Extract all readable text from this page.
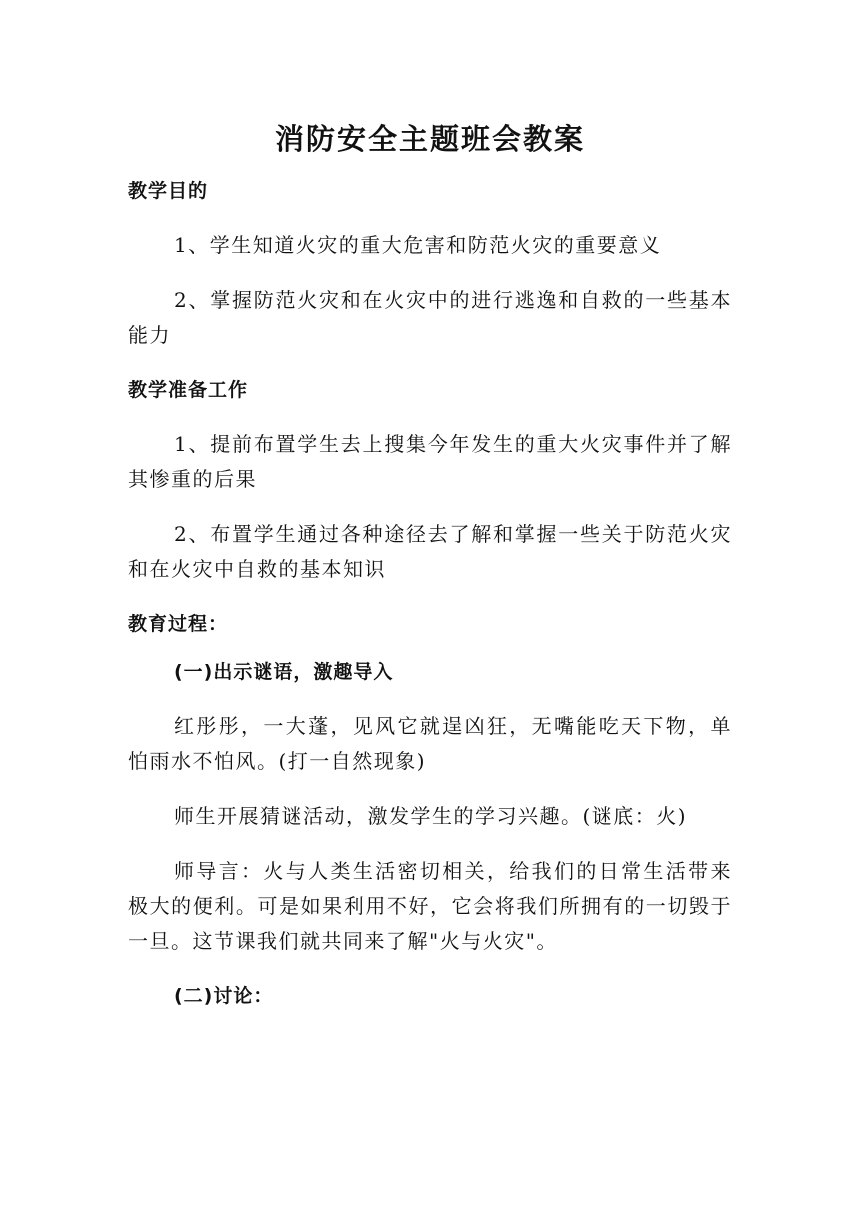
消防安全主题班会教案
教学目的

1、学生知道火灾的重大危害和防范火灾的重要意义

2、掌握防范火灾和在火灾中的进行逃逸和自救的一些基本能力

教学准备工作

1、提前布置学生去上搜集今年发生的重大火灾事件并了解其惨重的后果

2、布置学生通过各种途径去了解和掌握一些关于防范火灾和在火灾中自救的基本知识

教育过程：
(一)出示谜语，激趣导入

红彤彤，一大蓬，见风它就逞凶狂，无嘴能吃天下物，单怕雨水不怕风。(打一自然现象)

师生开展猜谜活动，激发学生的学习兴趣。(谜底：火)

师导言：火与人类生活密切相关，给我们的日常生活带来极大的便利。可是如果利用不好，它会将我们所拥有的一切毁于一旦。这节课我们就共同来了解"火与火灾"。

(二)讨论：
